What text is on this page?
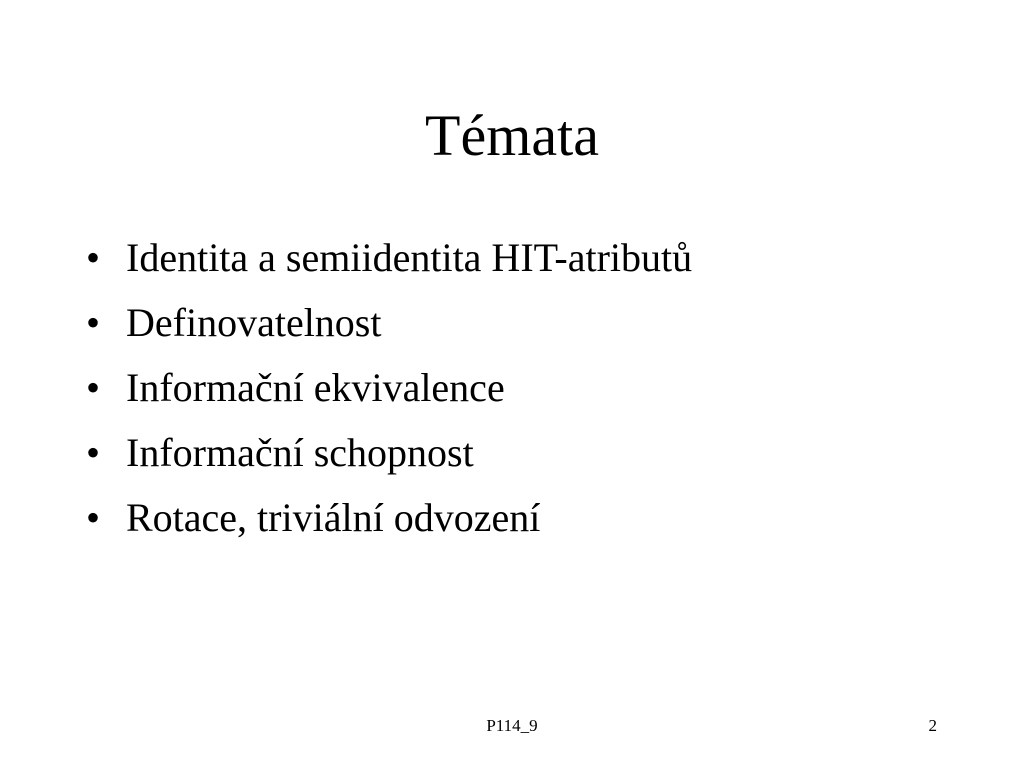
Témata
• Identita a semiidentita HIT-atributů
• Definovatelnost
• Informační ekvivalence
• Informační schopnost
• Rotace, triviální odvození
P114_9	2
